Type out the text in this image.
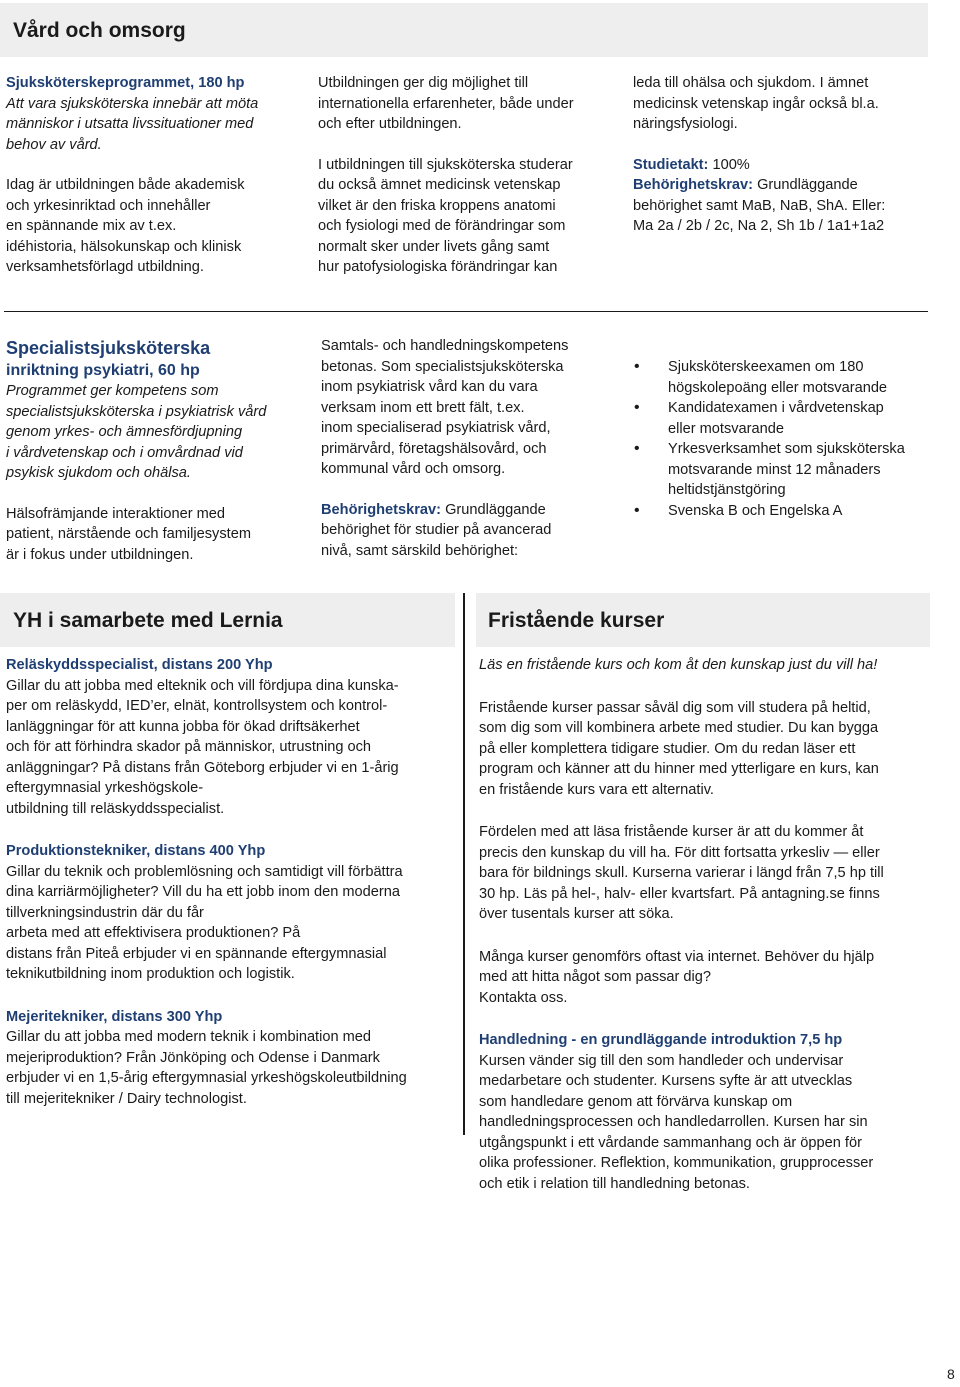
Vård och omsorg
Sjuksköterskeprogrammet, 180 hp
Att vara sjuksköterska innebär att möta
människor i utsatta livssituationer med
behov av vård.
Idag är utbildningen både akademisk
och yrkesinriktad och innehåller
en spännande mix av t.ex.
idéhistoria, hälsokunskap och klinisk
verksamhetsförlagd utbildning.
Utbildningen ger dig möjlighet till
internationella erfarenheter, både under
och efter utbildningen.
I utbildningen till sjuksköterska studerar
du också ämnet medicinsk vetenskap
vilket är den friska kroppens anatomi
och fysiologi med de förändringar som
normalt sker under livets gång samt
hur patofysiologiska förändringar kan
leda till ohälsa och sjukdom. I ämnet
medicinsk vetenskap ingår också bl.a.
näringsfysiologi.
Studietakt: 100%
Behörighetskrav: Grundläggande
behörighet samt MaB, NaB, ShA. Eller:
Ma 2a / 2b / 2c, Na 2, Sh 1b / 1a1+1a2
Specialistsjuksköterska
inriktning psykiatri, 60 hp
Programmet ger kompetens som
specialistsjuksköterska i psykiatrisk vård
genom yrkes- och ämnesfördjupning
i vårdvetenskap och i omvårdnad vid
psykisk sjukdom och ohälsa.
Hälsofrämjande interaktioner med
patient, närstående och familjesystem
är i fokus under utbildningen.
Samtals- och handledningskompetens
betonas. Som specialistsjuksköterska
inom psykiatrisk vård kan du vara
verksam inom ett brett fält, t.ex.
inom specialiserad psykiatrisk vård,
primärvård, företagshälsovård, och
kommunal vård och omsorg.
Behörighetskrav: Grundläggande
behörighet för studier på avancerad
nivå, samt särskild behörighet:
• Sjuksköterskeexamen om 180
högskolepoäng eller motsvarande
• Kandidatexamen i vårdvetenskap
eller motsvarande
• Yrkesverksamhet som sjuksköterska
motsvarande minst 12 månaders
heltidstjänstgöring
• Svenska B och Engelska A
YH i samarbete med Lernia
Reläskyddsspecialist, distans 200 Yhp
Gillar du att jobba med elteknik och vill fördjupa dina kunska-
per om reläskydd, IED’er, elnät, kontrollsystem och kontrol-
lanläggningar för att kunna jobba för ökad driftsäkerhet
och för att förhindra skador på människor, utrustning och
anläggningar? På distans från Göteborg erbjuder vi en 1-årig
eftergymnasial yrkeshögskole-
utbildning till reläskyddsspecialist.
Produktionstekniker, distans 400 Yhp
Gillar du teknik och problemlösning och samtidigt vill förbättra
dina karriärmöjligheter? Vill du ha ett jobb inom den moderna
tillverkningsindustrin där du får
arbeta med att effektivisera produktionen? På
distans från Piteå erbjuder vi en spännande eftergymnasial
teknikutbildning inom produktion och logistik.
Mejeritekniker, distans 300 Yhp
Gillar du att jobba med modern teknik i kombination med
mejeriproduktion? Från Jönköping och Odense i Danmark
erbjuder vi en 1,5-årig eftergymnasial yrkeshögskoleutbildning
till mejeritekniker / Dairy technologist.
Fristående kurser
Läs en fristående kurs och kom åt den kunskap just du vill ha!
Fristående kurser passar såväl dig som vill studera på heltid,
som dig som vill kombinera arbete med studier. Du kan bygga
på eller komplettera tidigare studier. Om du redan läser ett
program och känner att du hinner med ytterligare en kurs, kan
en fristående kurs vara ett alternativ.
Fördelen med att läsa fristående kurser är att du kommer åt
precis den kunskap du vill ha. För ditt fortsatta yrkesliv — eller
bara för bildnings skull. Kurserna varierar i längd från 7,5 hp till
30 hp. Läs på hel-, halv- eller kvartsfart. På antagning.se finns
över tusentals kurser att söka.
Många kurser genomförs oftast via internet. Behöver du hjälp
med att hitta något som passar dig?
Kontakta oss.
Handledning - en grundläggande introduktion 7,5 hp
Kursen vänder sig till den som handleder och undervisar
medarbetare och studenter. Kursens syfte är att utvecklas
som handledare genom att förvärva kunskap om
handledningsprocessen och handledarrollen. Kursen har sin
utgångspunkt i ett vårdande sammanhang och är öppen för
olika professioner. Reflektion, kommunikation, grupprocesser
och etik i relation till handledning betonas.
8
